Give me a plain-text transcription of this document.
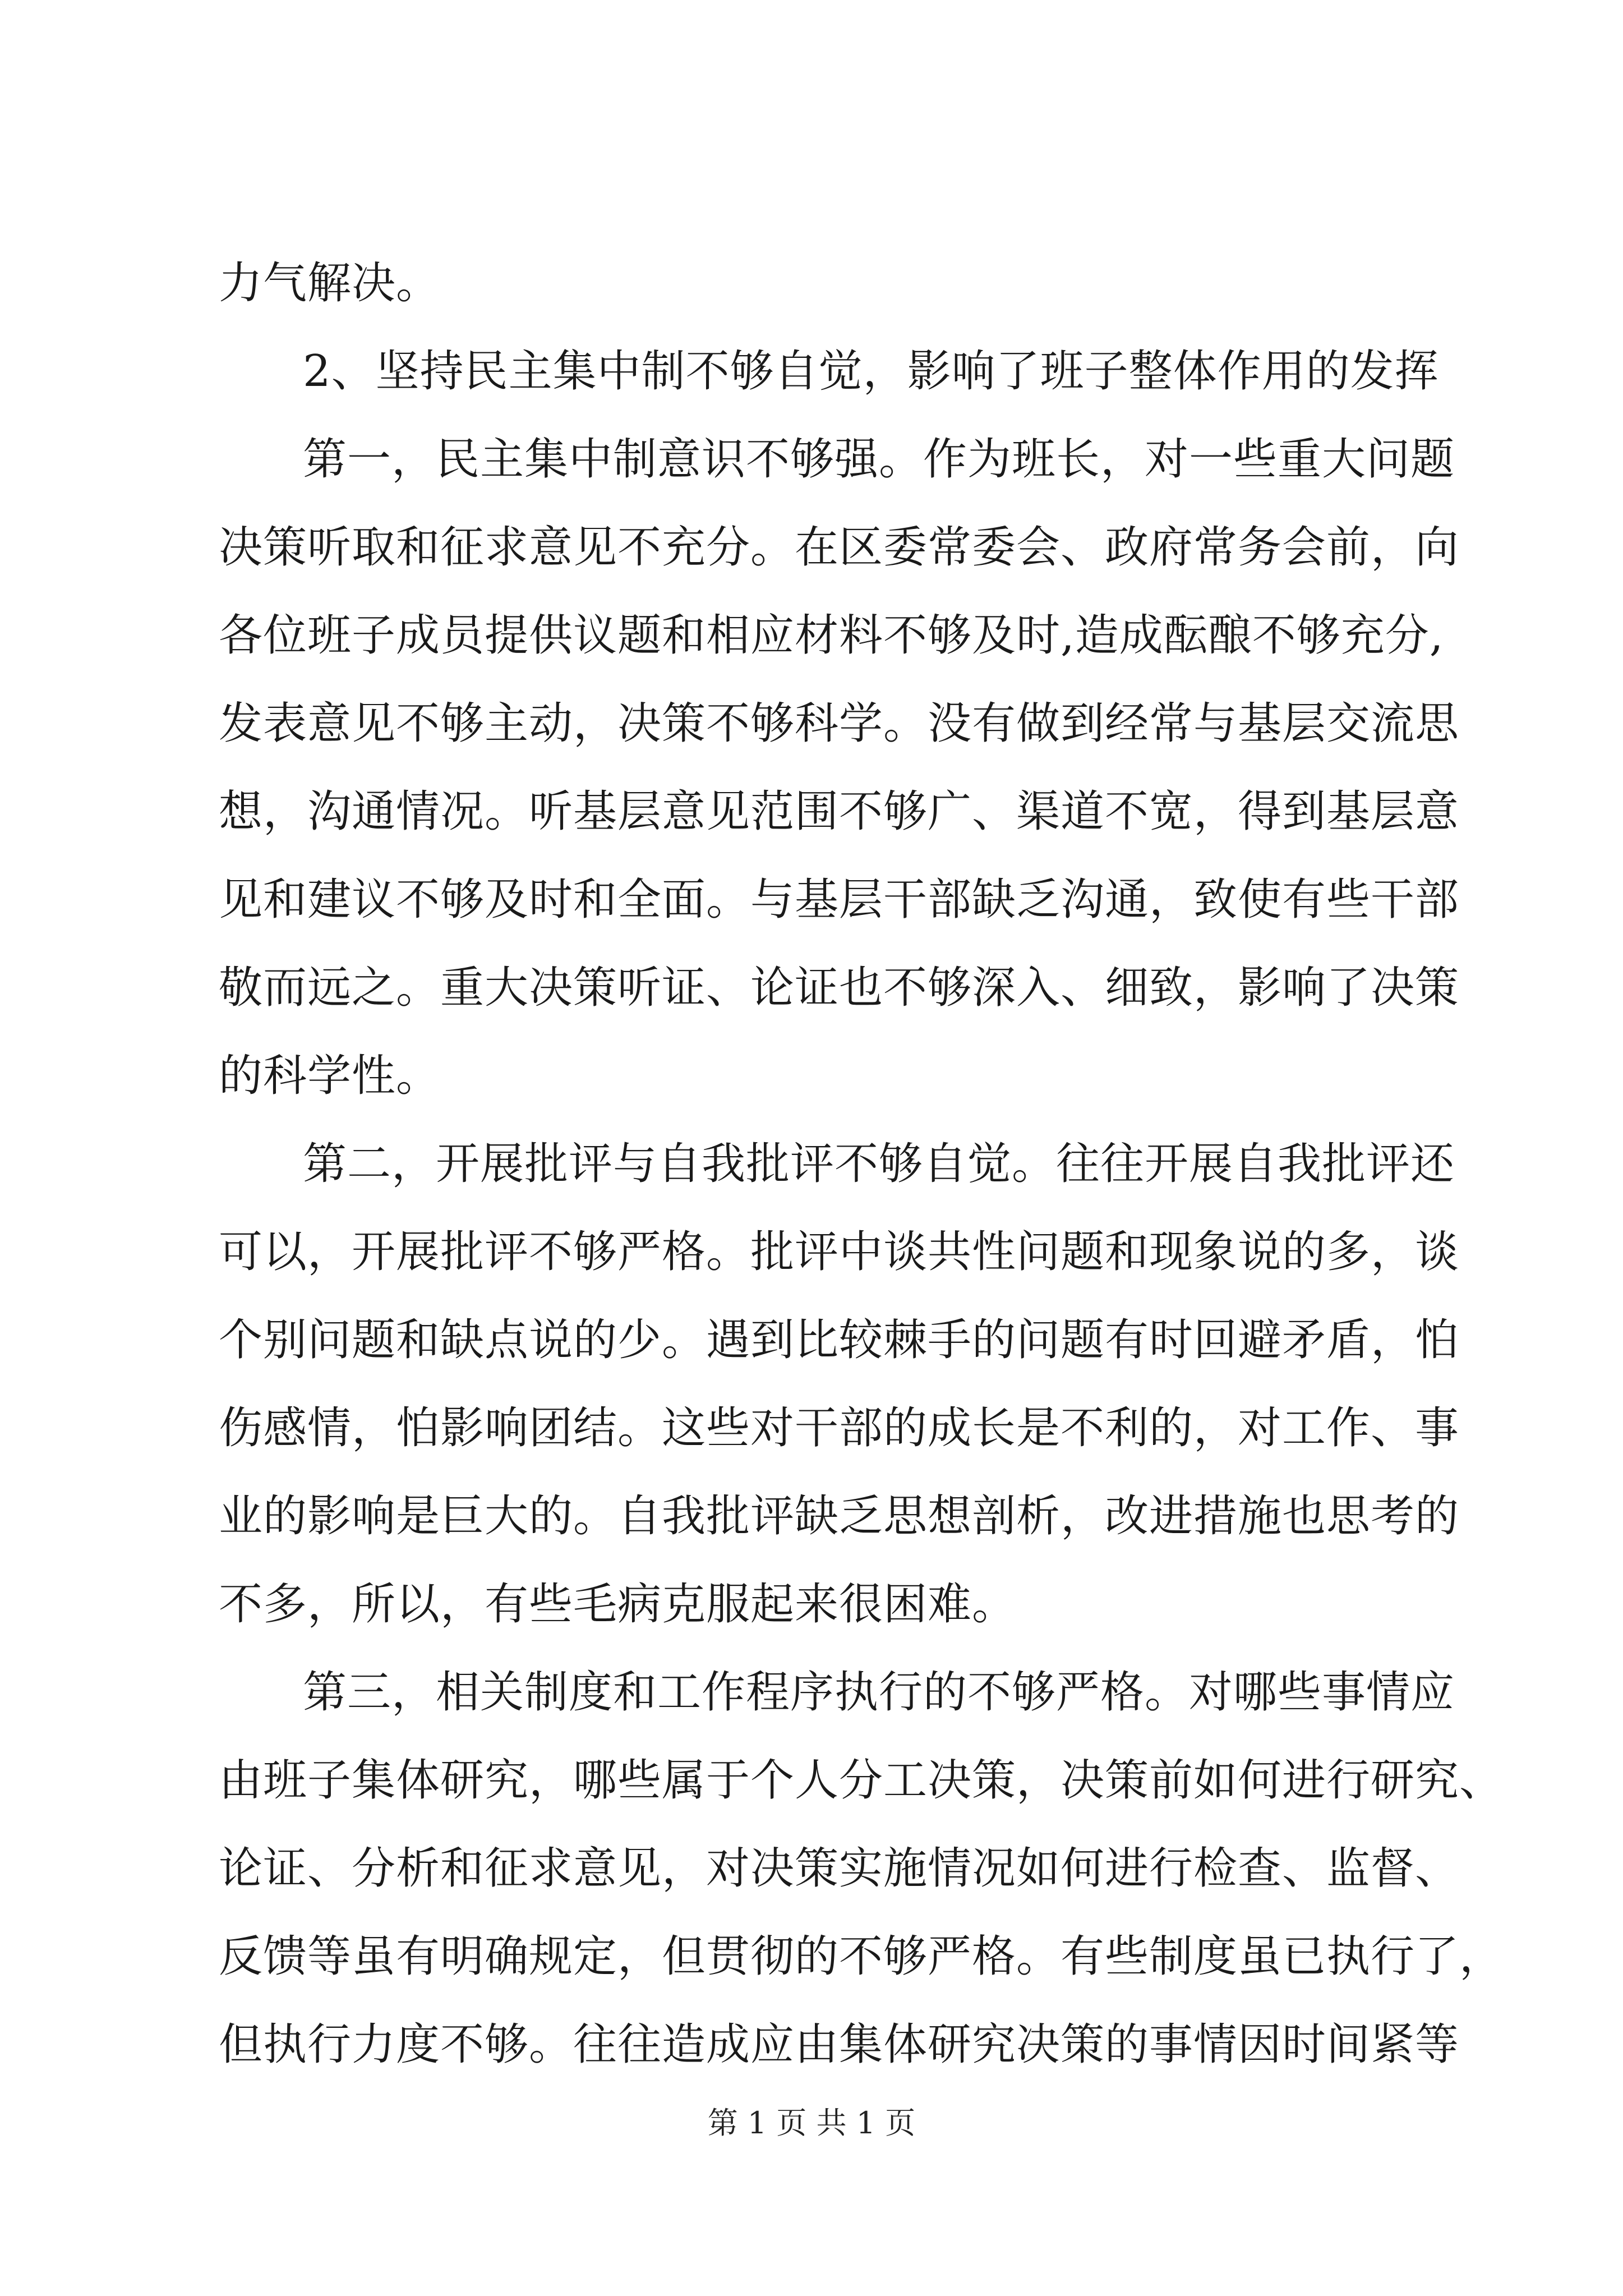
力气解决。
2、坚持民主集中制不够自觉，影响了班子整体作用的发挥
第一，民主集中制意识不够强。作为班长，对一些重大问题
决策听取和征求意见不充分。在区委常委会、政府常务会前，向
各位班子成员提供议题和相应材料不够及时,造成酝酿不够充分,
发表意见不够主动，决策不够科学。没有做到经常与基层交流思
想，沟通情况。听基层意见范围不够广、渠道不宽，得到基层意
见和建议不够及时和全面。与基层干部缺乏沟通，致使有些干部
敬而远之。重大决策听证、论证也不够深入、细致，影响了决策
的科学性。
第二，开展批评与自我批评不够自觉。往往开展自我批评还
可以，开展批评不够严格。批评中谈共性问题和现象说的多，谈
个别问题和缺点说的少。遇到比较棘手的问题有时回避矛盾，怕
伤感情，怕影响团结。这些对干部的成长是不利的，对工作、事
业的影响是巨大的。自我批评缺乏思想剖析，改进措施也思考的
不多，所以，有些毛病克服起来很困难。
第三，相关制度和工作程序执行的不够严格。对哪些事情应
由班子集体研究，哪些属于个人分工决策，决策前如何进行研究、
论证、分析和征求意见，对决策实施情况如何进行检查、监督、
反馈等虽有明确规定，但贯彻的不够严格。有些制度虽已执行了，
但执行力度不够。往往造成应由集体研究决策的事情因时间紧等
第 1 页 共 1 页
